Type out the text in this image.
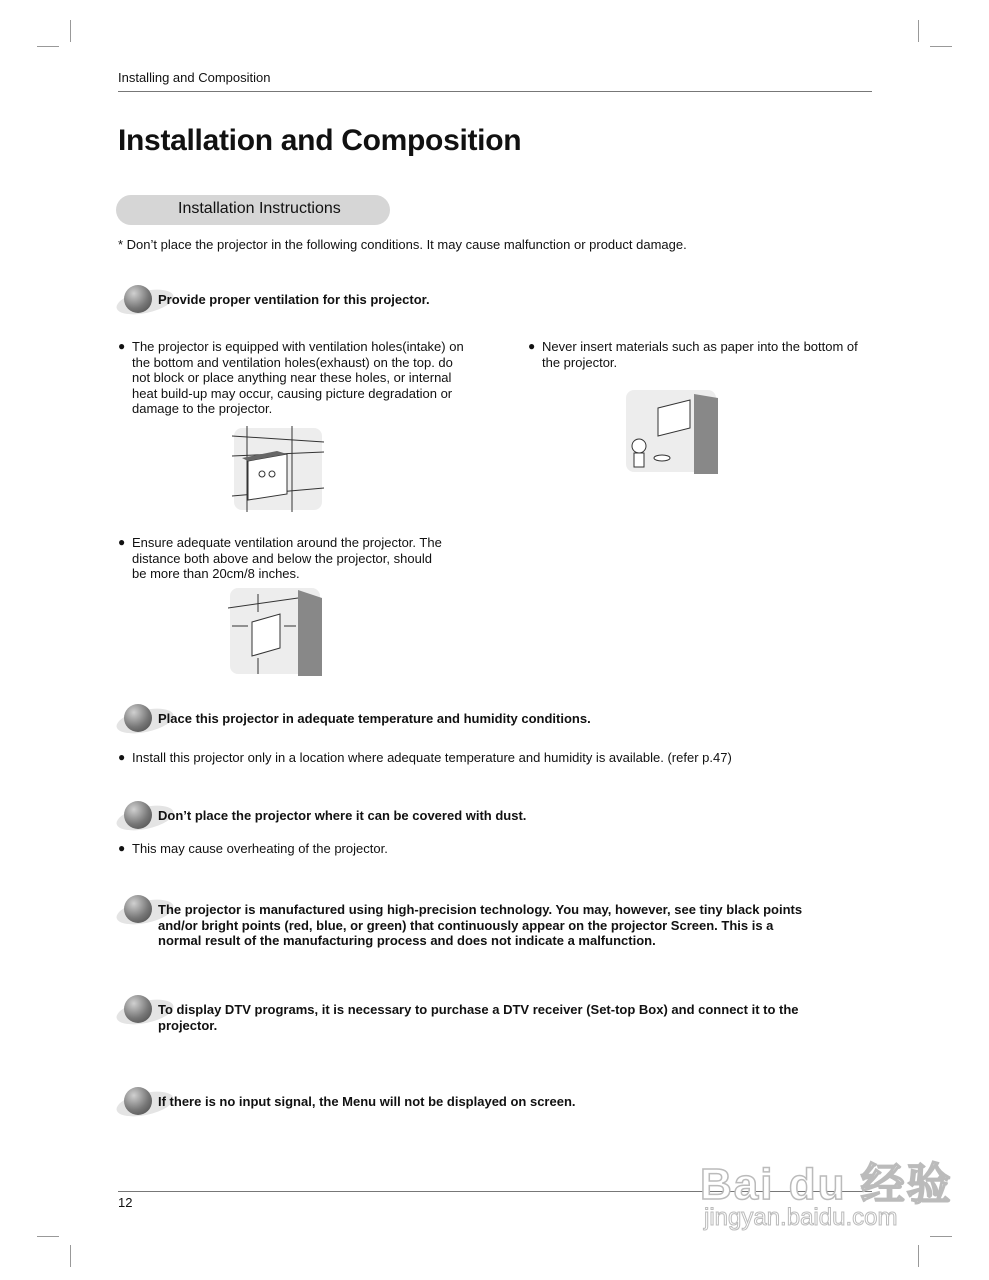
Installing and Composition
Installation and Composition
Installation Instructions
* Don’t place the projector in the following conditions. It may cause malfunction or product damage.
Provide proper ventilation for this projector.
● The projector is equipped with ventilation holes(intake) on the bottom and ventilation holes(exhaust) on the top. do not block or place anything near these holes, or internal heat build-up may occur, causing picture degradation or damage to the projector.
● Never insert materials such as paper into the bottom of the projector.
● Ensure adequate ventilation around the projector. The distance both above and below the projector, should be more than 20cm/8 inches.
Place this projector in adequate temperature and humidity conditions.
● Install this projector only in a location where adequate temperature and humidity is available. (refer p.47)
Don’t place the projector where it can be covered with dust.
● This may cause overheating of the projector.
The projector is manufactured using high-precision technology. You may, however, see tiny black points and/or bright points (red, blue, or green) that continuously appear on the projector Screen. This is a normal result of the manufacturing process and does not indicate a malfunction.
To display DTV programs, it is necessary to purchase a DTV receiver (Set-top Box) and connect it to the projector.
If there is no input signal, the Menu will not be displayed on screen.
12	Bai du 经验
jingyan.baidu.com
